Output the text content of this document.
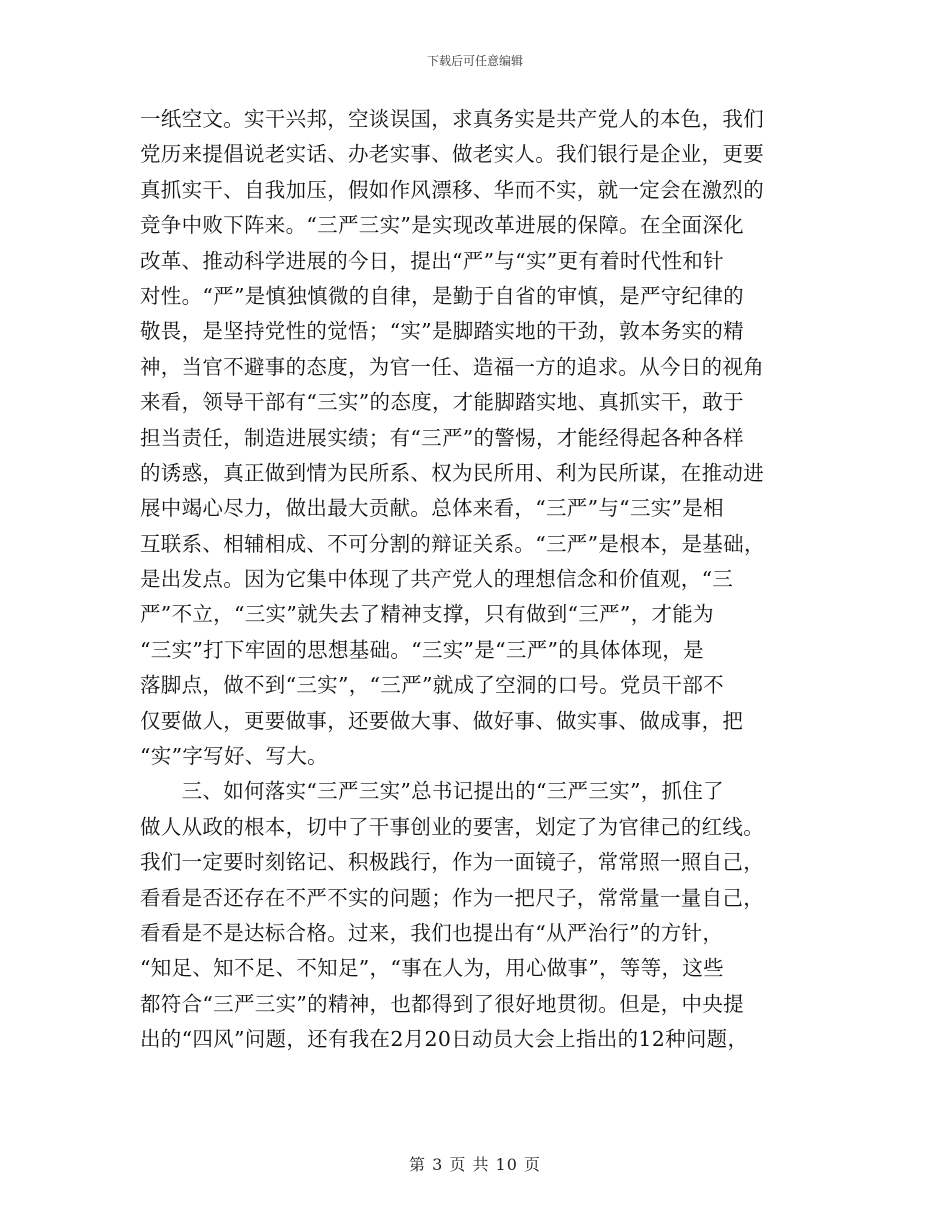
下载后可任意编辑
一纸空文。实干兴邦，空谈误国，求真务实是共产党人的本色，我们
党历来提倡说老实话、办老实事、做老实人。我们银行是企业，更要
真抓实干、自我加压，假如作风漂移、华而不实，就一定会在激烈的
竞争中败下阵来。“三严三实”是实现改革进展的保障。在全面深化
改革、推动科学进展的今日，提出“严”与“实”更有着时代性和针
对性。“严”是慎独慎微的自律，是勤于自省的审慎，是严守纪律的
敬畏，是坚持党性的觉悟；“实”是脚踏实地的干劲，敦本务实的精
神，当官不避事的态度，为官一任、造福一方的追求。从今日的视角
来看，领导干部有“三实”的态度，才能脚踏实地、真抓实干，敢于
担当责任，制造进展实绩；有“三严”的警惕，才能经得起各种各样
的诱惑，真正做到情为民所系、权为民所用、利为民所谋，在推动进
展中竭心尽力，做出最大贡献。总体来看，“三严”与“三实”是相
互联系、相辅相成、不可分割的辩证关系。“三严”是根本，是基础，
是出发点。因为它集中体现了共产党人的理想信念和价值观，“三
严”不立，“三实”就失去了精神支撑，只有做到“三严”，才能为
“三实”打下牢固的思想基础。“三实”是“三严”的具体体现，是
落脚点，做不到“三实”，“三严”就成了空洞的口号。党员干部不
仅要做人，更要做事，还要做大事、做好事、做实事、做成事，把
“实”字写好、写大。
　　三、如何落实“三严三实”总书记提出的“三严三实”，抓住了
做人从政的根本，切中了干事创业的要害，划定了为官律己的红线。
我们一定要时刻铭记、积极践行，作为一面镜子，常常照一照自己，
看看是否还存在不严不实的问题；作为一把尺子，常常量一量自己，
看看是不是达标合格。过来，我们也提出有“从严治行”的方针，
“知足、知不足、不知足”，“事在人为，用心做事”，等等，这些
都符合“三严三实”的精神，也都得到了很好地贯彻。但是，中央提
出的“四风”问题，还有我在2月20日动员大会上指出的12种问题，
第 3 页 共 10 页
